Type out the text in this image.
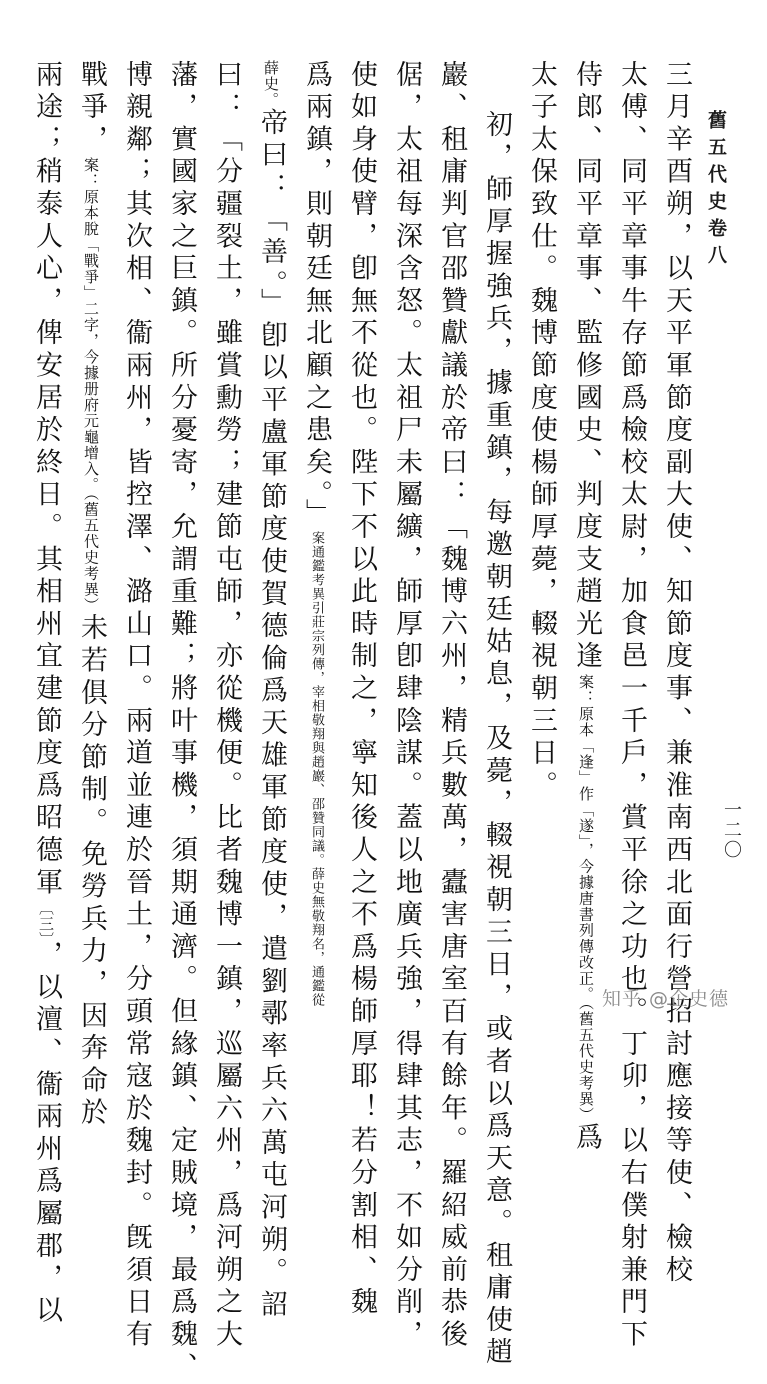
舊五代史卷八
三月辛酉朔，以天平軍節度副大使、知節度事、兼淮南西北面行營招討應接等使、檢校
太傅、同平章事牛存節爲檢校太尉，加食邑一千戶，賞平徐之功也。丁卯，以右僕射兼門下
侍郎、同平章事、監修國史、判度支趙光逢案：原本「逢」作「遂」，今據唐書列傳改正。（舊五代史考異）爲
太子太保致仕。魏博節度使楊師厚薨，輟視朝三日。
初，師厚握強兵，據重鎮，每邀朝廷姑息，及薨，輟視朝三日，或者以爲天意。租庸使趙
巖、租庸判官邵贊獻議於帝曰：「魏博六州，精兵數萬，蠹害唐室百有餘年。羅紹威前恭後
倨，太祖每深含怒。太祖尸未屬纊，師厚卽肆陰謀。蓋以地廣兵強，得肆其志，不如分削，
使如身使臂，卽無不從也。陛下不以此時制之，寧知後人之不爲楊師厚耶！若分割相、魏
爲兩鎮，則朝廷無北顧之患矣。」案通鑑考異引莊宗列傳，宰相敬翔與趙巖、邵贊同議。薛史無敬翔名，通鑑從
薛史。帝曰：「善。」卽以平盧軍節度使賀德倫爲天雄軍節度使，遣劉鄩率兵六萬屯河朔。詔
曰：「分疆裂土，雖賞勳勞；建節屯師，亦從機便。比者魏博一鎮，巡屬六州，爲河朔之大
藩，實國家之巨鎮。所分憂寄，允謂重難；將叶事機，須期通濟。但緣鎮、定賊境，最爲魏、
博親鄰；其次相、衞兩州，皆控澤、潞山口。兩道並連於晉土，分頭常寇於魏封。旣須日有
戰爭，案：原本脫「戰爭」二字，今據册府元龜增入。（舊五代史考異）未若俱分節制。免勞兵力，因奔命於
兩途；稍泰人心，俾安居於終日。其相州宜建節度爲昭德軍〔三〕，以澶、衞兩州爲屬郡，以
一二〇
知乎 @企史德
